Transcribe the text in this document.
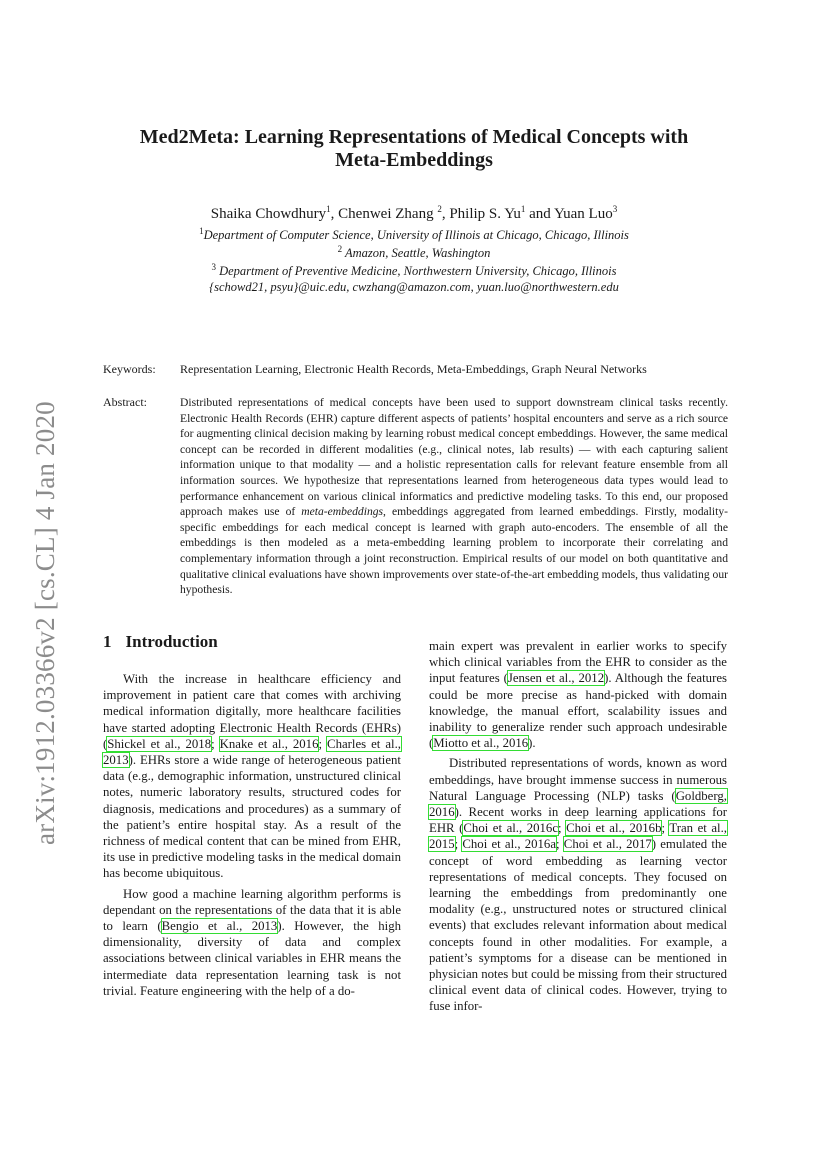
arXiv:1912.03366v2 [cs.CL] 4 Jan 2020
Med2Meta: Learning Representations of Medical Concepts with
Meta-Embeddings
Shaika Chowdhury$^1$, Chenwei Zhang $^2$, Philip S. Yu$^1$ and Yuan Luo$^3$
$^1$Department of Computer Science, University of Illinois at Chicago, Chicago, Illinois
$^2$ Amazon, Seattle, Washington
$^3$ Department of Preventive Medicine, Northwestern University, Chicago, Illinois
{schowd21, psyu}@uic.edu, cwzhang@amazon.com, yuan.luo@northwestern.edu
Keywords: Representation Learning, Electronic Health Records, Meta-Embeddings, Graph Neural Networks
Abstract:	Distributed representations of medical concepts have been used to support downstream clinical tasks recently. Electronic Health Records (EHR) capture different aspects of patients’ hospital encounters and serve as a rich source for augmenting clinical decision making by learning robust medical concept embeddings. However, the same medical concept can be recorded in different modalities (e.g., clinical notes, lab results) — with each capturing salient information unique to that modality — and a holistic representation calls for relevant feature ensemble from all information sources. We hypothesize that representations learned from heterogeneous data types would lead to performance enhancement on various clinical informatics and predictive modeling tasks. To this end, our proposed approach makes use of meta-embeddings, embeddings aggregated from learned embeddings. Firstly, modality-specific embeddings for each medical concept is learned with graph auto-encoders. The ensemble of all the embeddings is then modeled as a meta-embedding learning problem to incorporate their correlating and complementary information through a joint reconstruction. Empirical results of our model on both quantitative and qualitative clinical evaluations have shown improvements over state-of-the-art embedding models, thus validating our hypothesis.
1 Introduction

With the increase in healthcare efficiency and improvement in patient care that comes with archiving medical information digitally, more healthcare facilities have started adopting Electronic Health Records (EHRs) (Shickel et al., 2018; Knake et al., 2016; Charles et al., 2013). EHRs store a wide range of heterogeneous patient data (e.g., demographic information, unstructured clinical notes, numeric laboratory results, structured codes for diagnosis, medications and procedures) as a summary of the patient’s entire hospital stay. As a result of the richness of medical content that can be mined from EHR, its use in predictive modeling tasks in the medical domain has become ubiquitous.

How good a machine learning algorithm performs is dependant on the representations of the data that it is able to learn (Bengio et al., 2013). However, the high dimensionality, diversity of data and complex associations between clinical variables in EHR means the intermediate data representation learning task is not trivial. Feature engineering with the help of a do-

main expert was prevalent in earlier works to specify which clinical variables from the EHR to consider as the input features (Jensen et al., 2012). Although the features could be more precise as hand-picked with domain knowledge, the manual effort, scalability issues and inability to generalize render such approach undesirable (Miotto et al., 2016).

Distributed representations of words, known as word embeddings, have brought immense success in numerous Natural Language Processing (NLP) tasks (Goldberg, 2016). Recent works in deep learning applications for EHR (Choi et al., 2016c; Choi et al., 2016b; Tran et al., 2015; Choi et al., 2016a; Choi et al., 2017) emulated the concept of word embedding as learning vector representations of medical concepts. They focused on learning the embeddings from predominantly one modality (e.g., unstructured notes or structured clinical events) that excludes relevant information about medical concepts found in other modalities. For example, a patient’s symptoms for a disease can be mentioned in physician notes but could be missing from their structured clinical event data of clinical codes. However, trying to fuse infor-
